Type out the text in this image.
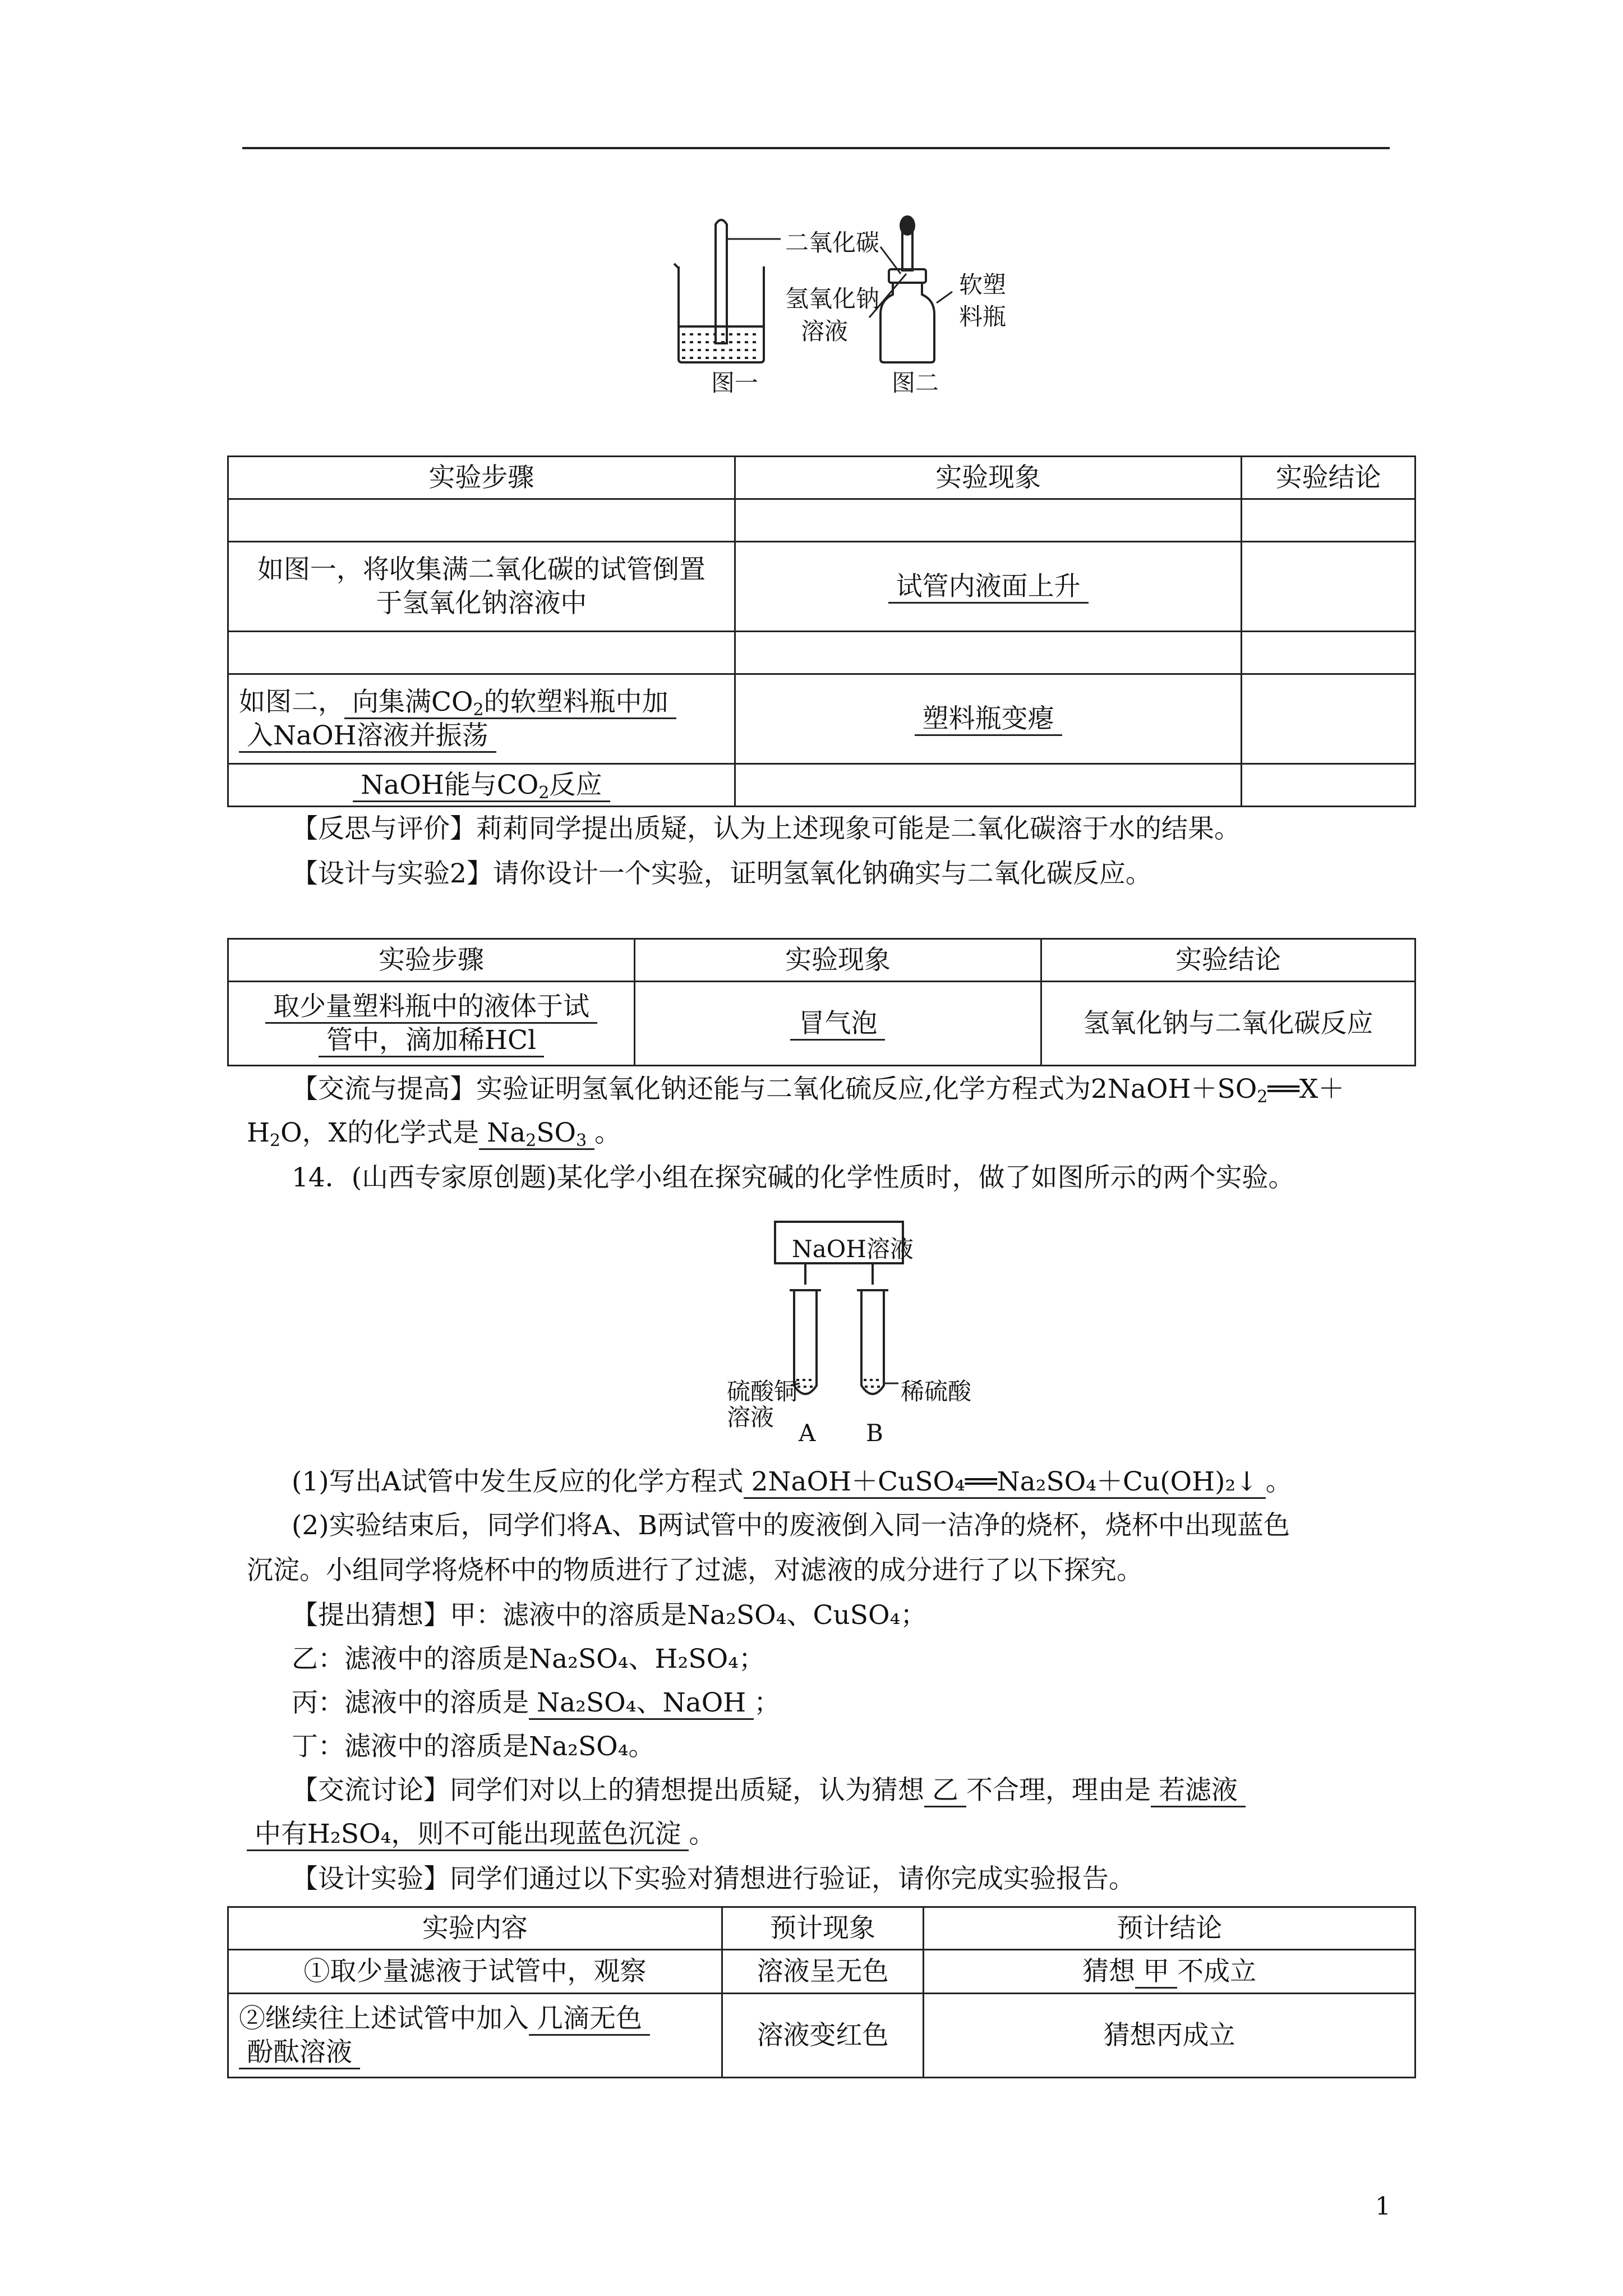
二氧化碳
氢氧化钠
溶液
软塑
料瓶
图一	图二
实验步骤	实验现象	实验结论

如图一，将收集满二氧化碳的试管倒置
于氢氧化钠溶液中	试管内液面上升	

如图二， 向集满$CO_2$的软塑料瓶中加
入NaOH溶液并振荡	塑料瓶变瘪	
NaOH能与$CO_2$反应		
【反思与评价】莉莉同学提出质疑，认为上述现象可能是二氧化碳溶于水的结果。
【设计与实验2】请你设计一个实验，证明氢氧化钠确实与二氧化碳反应。
实验步骤	实验现象	实验结论
取少量塑料瓶中的液体于试
管中，滴加稀HCl	冒气泡	氢氧化钠与二氧化碳反应
【交流与提高】实验证明氢氧化钠还能与二氧化硫反应,化学方程式为$2NaOH+SO_2══X+$
$H_2O$，X的化学式是 $Na_2SO_3$ 。
14．(山西专家原创题)某化学小组在探究碱的化学性质时，做了如图所示的两个实验。
NaOH溶液
硫酸铜
溶液
稀硫酸
A B
(1)写出A试管中发生反应的化学方程式 2NaOH＋CuSO₄══Na₂SO₄＋Cu(OH)₂↓ 。
(2)实验结束后，同学们将A、B两试管中的废液倒入同一洁净的烧杯，烧杯中出现蓝色
沉淀。小组同学将烧杯中的物质进行了过滤，对滤液的成分进行了以下探究。
【提出猜想】甲：滤液中的溶质是Na₂SO₄、CuSO₄；
乙：滤液中的溶质是Na₂SO₄、H₂SO₄；
丙：滤液中的溶质是 Na₂SO₄、NaOH ；
丁：滤液中的溶质是Na₂SO₄。
【交流讨论】同学们对以上的猜想提出质疑，认为猜想 乙 不合理，理由是 若滤液
中有H₂SO₄，则不可能出现蓝色沉淀 。
【设计实验】同学们通过以下实验对猜想进行验证，请你完成实验报告。
实验内容	预计现象	预计结论
①取少量滤液于试管中，观察	溶液呈无色	猜想 甲 不成立
②继续往上述试管中加入 几滴无色
酚酞溶液	溶液变红色	猜想丙成立
1
